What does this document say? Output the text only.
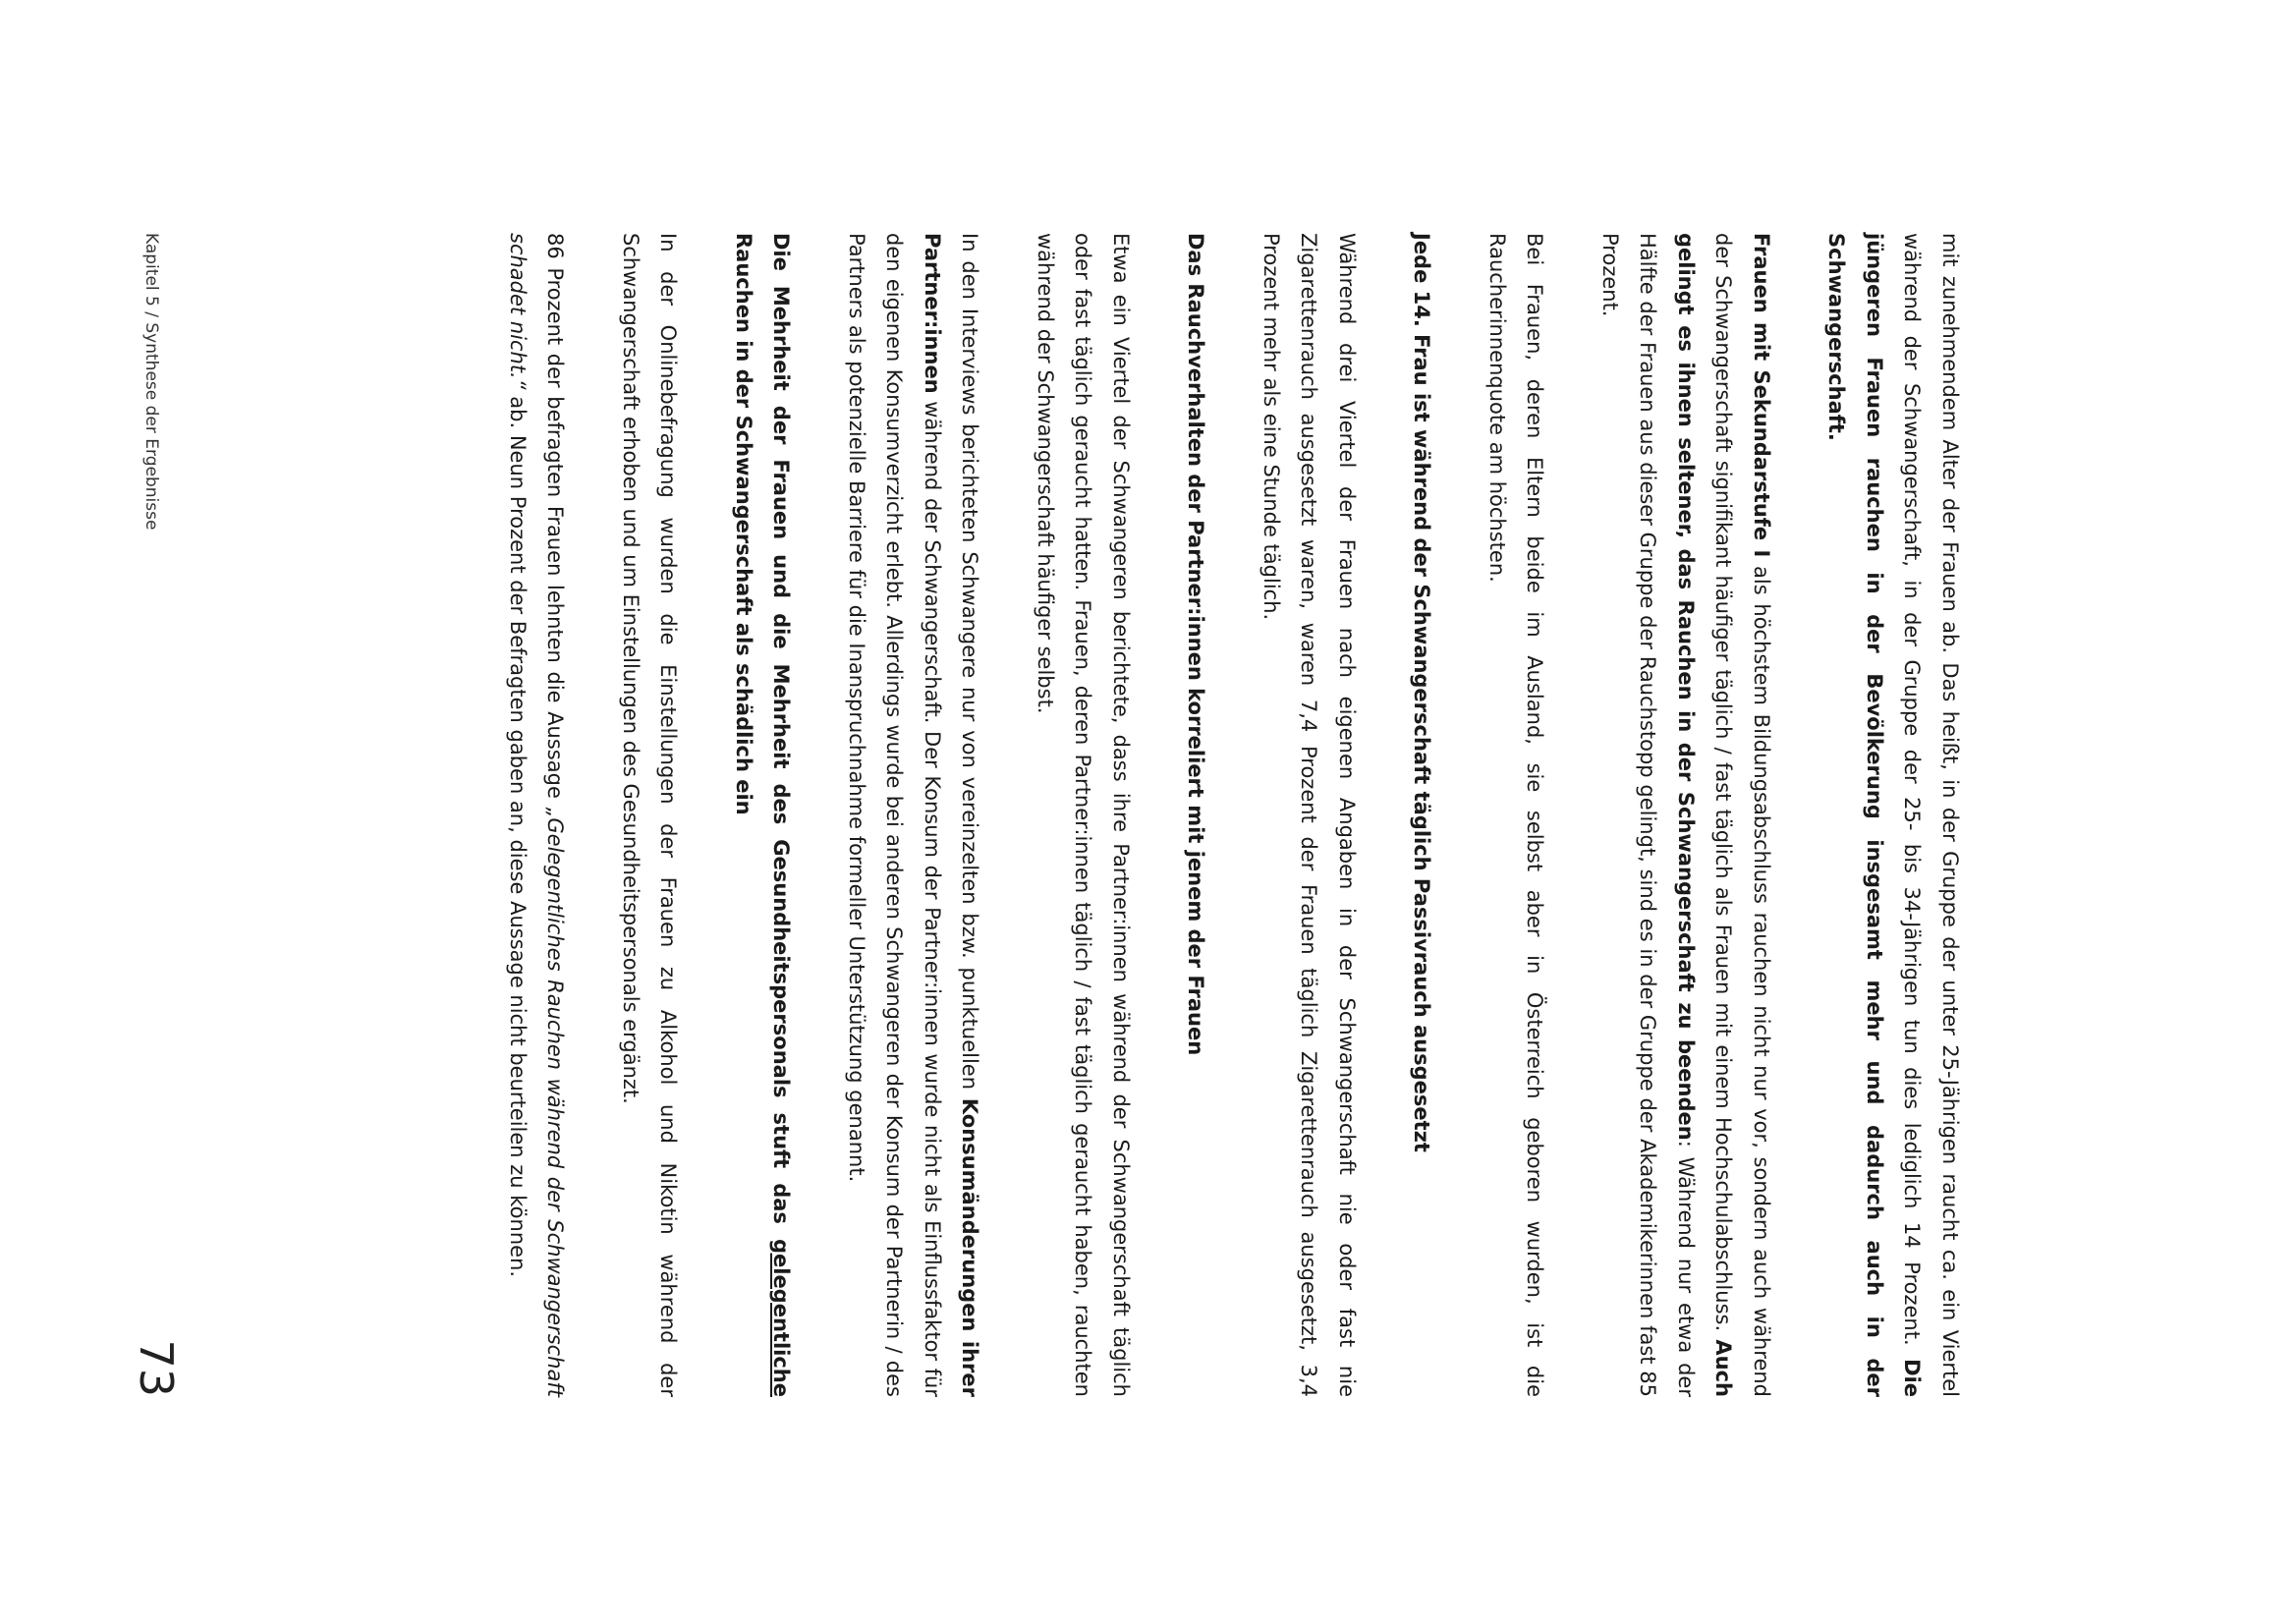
mit zunehmendem Alter der Frauen ab. Das heißt, in der Gruppe der unter 25-Jährigen raucht ca. ein Viertel während der Schwangerschaft, in der Gruppe der 25- bis 34-Jährigen tun dies lediglich 14 Prozent. Die jüngeren Frauen rauchen in der Bevölkerung insgesamt mehr und dadurch auch in der Schwangerschaft.

Frauen mit Sekundarstufe I als höchstem Bildungsabschluss rauchen nicht nur vor, sondern auch während der Schwangerschaft signifikant häufiger täglich / fast täglich als Frauen mit einem Hochschulabschluss. Auch gelingt es ihnen seltener, das Rauchen in der Schwangerschaft zu beenden: Während nur etwa der Hälfte der Frauen aus dieser Gruppe der Rauchstopp gelingt, sind es in der Gruppe der Akademikerinnen fast 85 Prozent.

Bei Frauen, deren Eltern beide im Ausland, sie selbst aber in Österreich geboren wurden, ist die Raucherinnenquote am höchsten.

Jede 14. Frau ist während der Schwangerschaft täglich Passivrauch ausgesetzt

Während drei Viertel der Frauen nach eigenen Angaben in der Schwangerschaft nie oder fast nie Zigarettenrauch ausgesetzt waren, waren 7,4 Prozent der Frauen täglich Zigarettenrauch ausgesetzt, 3,4 Prozent mehr als eine Stunde täglich.

Das Rauchverhalten der Partner:innen korreliert mit jenem der Frauen

Etwa ein Viertel der Schwangeren berichtete, dass ihre Partner:innen während der Schwangerschaft täglich oder fast täglich geraucht hatten. Frauen, deren Partner:innen täglich / fast täglich geraucht haben, rauchten während der Schwangerschaft häufiger selbst.

In den Interviews berichteten Schwangere nur von vereinzelten bzw. punktuellen Konsumänderungen ihrer Partner:innen während der Schwangerschaft. Der Konsum der Partner:innen wurde nicht als Einflussfaktor für den eigenen Konsumverzicht erlebt. Allerdings wurde bei anderen Schwangeren der Konsum der Partnerin / des Partners als potenzielle Barriere für die Inanspruchnahme formeller Unterstützung genannt.

Die Mehrheit der Frauen und die Mehrheit des Gesundheitspersonals stuft das gelegentliche Rauchen in der Schwangerschaft als schädlich ein

In der Onlinebefragung wurden die Einstellungen der Frauen zu Alkohol und Nikotin während der Schwangerschaft erhoben und um Einstellungen des Gesundheitspersonals ergänzt.

86 Prozent der befragten Frauen lehnten die Aussage „Gelegentliches Rauchen während der Schwangerschaft schadet nicht.“ ab. Neun Prozent der Befragten gaben an, diese Aussage nicht beurteilen zu können.

Kapitel 5 / Synthese der Ergebnisse
73
